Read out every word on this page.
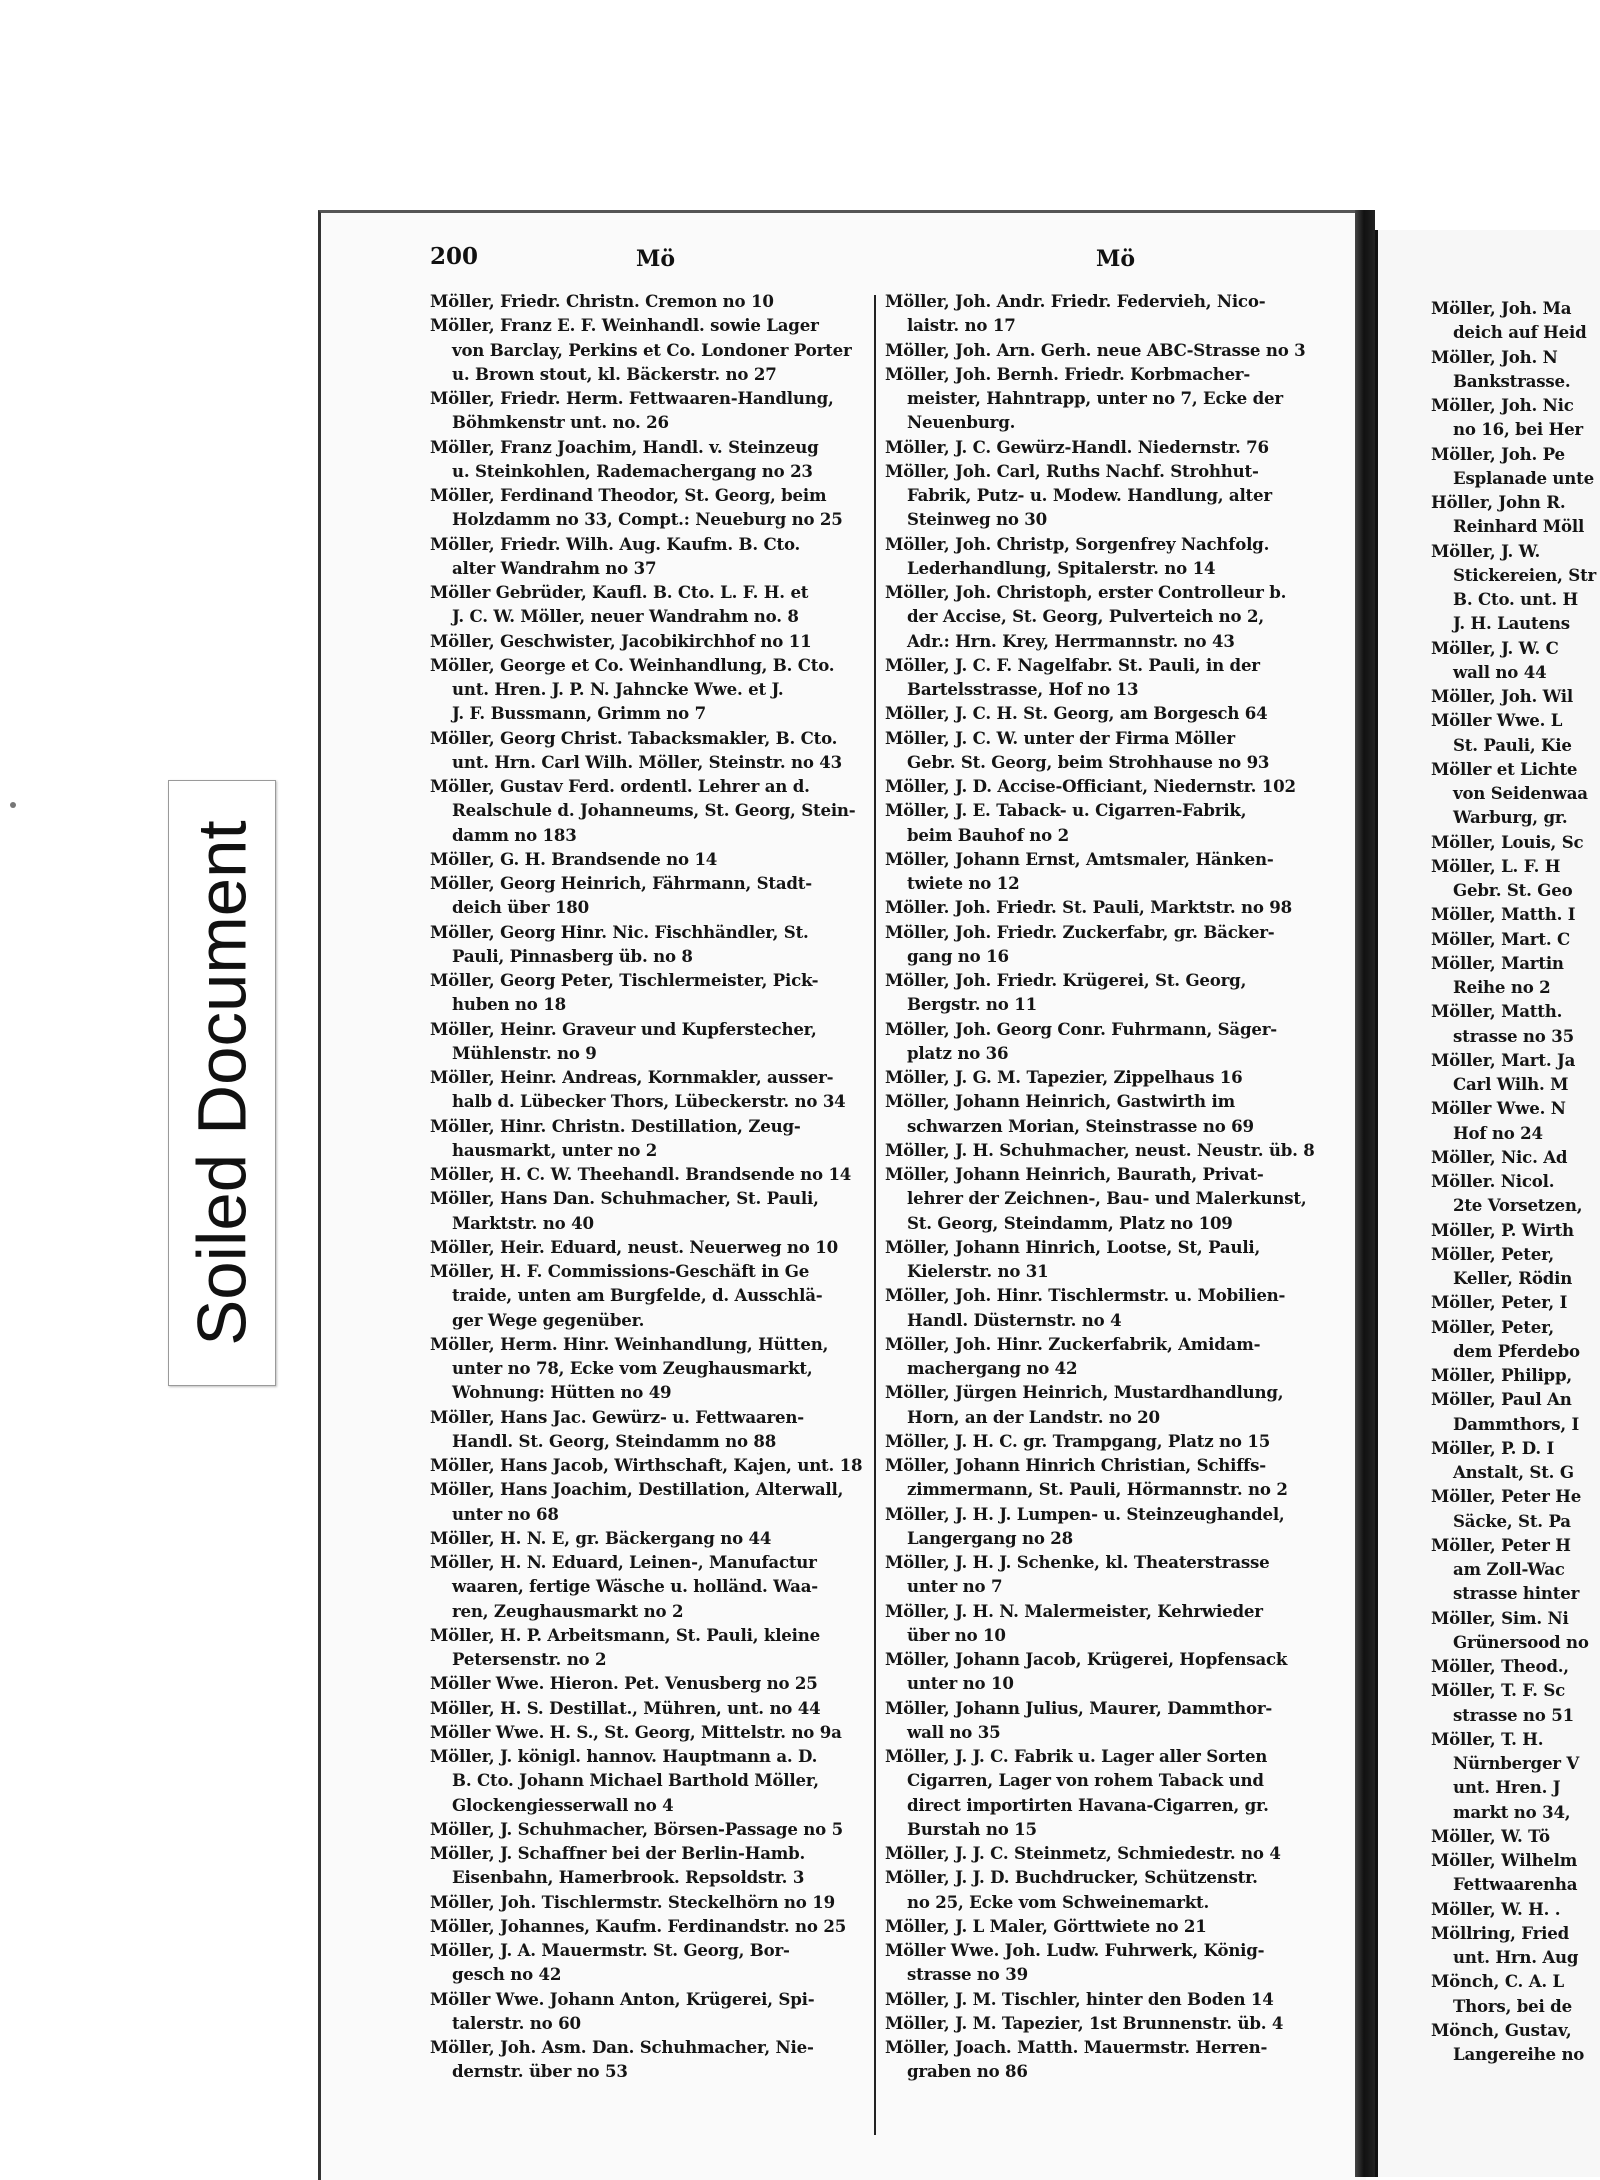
Soiled Document
200	Mö	Mö
Möller, Friedr. Christn. Cremon no 10
Möller, Franz E. F. Weinhandl. sowie Lager
von Barclay, Perkins et Co. Londoner Porter
u. Brown stout, kl. Bäckerstr. no 27
Möller, Friedr. Herm. Fettwaaren-Handlung,
Böhmkenstr unt. no. 26
Möller, Franz Joachim, Handl. v. Steinzeug
u. Steinkohlen, Rademachergang no 23
Möller, Ferdinand Theodor, St. Georg, beim
Holzdamm no 33, Compt.: Neueburg no 25
Möller, Friedr. Wilh. Aug. Kaufm. B. Cto.
alter Wandrahm no 37
Möller Gebrüder, Kaufl. B. Cto. L. F. H. et
J. C. W. Möller, neuer Wandrahm no. 8
Möller, Geschwister, Jacobikirchhof no 11
Möller, George et Co. Weinhandlung, B. Cto.
unt. Hren. J. P. N. Jahncke Wwe. et J.
J. F. Bussmann, Grimm no 7
Möller, Georg Christ. Tabacksmakler, B. Cto.
unt. Hrn. Carl Wilh. Möller, Steinstr. no 43
Möller, Gustav Ferd. ordentl. Lehrer an d.
Realschule d. Johanneums, St. Georg, Stein-
damm no 183
Möller, G. H. Brandsende no 14
Möller, Georg Heinrich, Fährmann, Stadt-
deich über 180
Möller, Georg Hinr. Nic. Fischhändler, St.
Pauli, Pinnasberg üb. no 8
Möller, Georg Peter, Tischlermeister, Pick-
huben no 18
Möller, Heinr. Graveur und Kupferstecher,
Mühlenstr. no 9
Möller, Heinr. Andreas, Kornmakler, ausser-
halb d. Lübecker Thors, Lübeckerstr. no 34
Möller, Hinr. Christn. Destillation, Zeug-
hausmarkt, unter no 2
Möller, H. C. W. Theehandl. Brandsende no 14
Möller, Hans Dan. Schuhmacher, St. Pauli,
Marktstr. no 40
Möller, Heir. Eduard, neust. Neuerweg no 10
Möller, H. F. Commissions-Geschäft in Ge
traide, unten am Burgfelde, d. Ausschlä-
ger Wege gegenüber.
Möller, Herm. Hinr. Weinhandlung, Hütten,
unter no 78, Ecke vom Zeughausmarkt,
Wohnung: Hütten no 49
Möller, Hans Jac. Gewürz- u. Fettwaaren-
Handl. St. Georg, Steindamm no 88
Möller, Hans Jacob, Wirthschaft, Kajen, unt. 18
Möller, Hans Joachim, Destillation, Alterwall,
unter no 68
Möller, H. N. E, gr. Bäckergang no 44
Möller, H. N. Eduard, Leinen-, Manufactur
waaren, fertige Wäsche u. holländ. Waa-
ren, Zeughausmarkt no 2
Möller, H. P. Arbeitsmann, St. Pauli, kleine
Petersenstr. no 2
Möller Wwe. Hieron. Pet. Venusberg no 25
Möller, H. S. Destillat., Mühren, unt. no 44
Möller Wwe. H. S., St. Georg, Mittelstr. no 9a
Möller, J. königl. hannov. Hauptmann a. D.
B. Cto. Johann Michael Barthold Möller,
Glockengiesserwall no 4
Möller, J. Schuhmacher, Börsen-Passage no 5
Möller, J. Schaffner bei der Berlin-Hamb.
Eisenbahn, Hamerbrook. Repsoldstr. 3
Möller, Joh. Tischlermstr. Steckelhörn no 19
Möller, Johannes, Kaufm. Ferdinandstr. no 25
Möller, J. A. Mauermstr. St. Georg, Bor-
gesch no 42
Möller Wwe. Johann Anton, Krügerei, Spi-
talerstr. no 60
Möller, Joh. Asm. Dan. Schuhmacher, Nie-
dernstr. über no 53
Möller, Joh. Andr. Friedr. Federvieh, Nico-
laistr. no 17
Möller, Joh. Arn. Gerh. neue ABC-Strasse no 3
Möller, Joh. Bernh. Friedr. Korbmacher-
meister, Hahntrapp, unter no 7, Ecke der
Neuenburg.
Möller, J. C. Gewürz-Handl. Niedernstr. 76
Möller, Joh. Carl, Ruths Nachf. Strohhut-
Fabrik, Putz- u. Modew. Handlung, alter
Steinweg no 30
Möller, Joh. Christp, Sorgenfrey Nachfolg.
Lederhandlung, Spitalerstr. no 14
Möller, Joh. Christoph, erster Controlleur b.
der Accise, St. Georg, Pulverteich no 2,
Adr.: Hrn. Krey, Herrmannstr. no 43
Möller, J. C. F. Nagelfabr. St. Pauli, in der
Bartelsstrasse, Hof no 13
Möller, J. C. H. St. Georg, am Borgesch 64
Möller, J. C. W. unter der Firma Möller
Gebr. St. Georg, beim Strohhause no 93
Möller, J. D. Accise-Officiant, Niedernstr. 102
Möller, J. E. Taback- u. Cigarren-Fabrik,
beim Bauhof no 2
Möller, Johann Ernst, Amtsmaler, Hänken-
twiete no 12
Möller. Joh. Friedr. St. Pauli, Marktstr. no 98
Möller, Joh. Friedr. Zuckerfabr, gr. Bäcker-
gang no 16
Möller, Joh. Friedr. Krügerei, St. Georg,
Bergstr. no 11
Möller, Joh. Georg Conr. Fuhrmann, Säger-
platz no 36
Möller, J. G. M. Tapezier, Zippelhaus 16
Möller, Johann Heinrich, Gastwirth im
schwarzen Morian, Steinstrasse no 69
Möller, J. H. Schuhmacher, neust. Neustr. üb. 8
Möller, Johann Heinrich, Baurath, Privat-
lehrer der Zeichnen-, Bau- und Malerkunst,
St. Georg, Steindamm, Platz no 109
Möller, Johann Hinrich, Lootse, St, Pauli,
Kielerstr. no 31
Möller, Joh. Hinr. Tischlermstr. u. Mobilien-
Handl. Düsternstr. no 4
Möller, Joh. Hinr. Zuckerfabrik, Amidam-
machergang no 42
Möller, Jürgen Heinrich, Mustardhandlung,
Horn, an der Landstr. no 20
Möller, J. H. C. gr. Trampgang, Platz no 15
Möller, Johann Hinrich Christian, Schiffs-
zimmermann, St. Pauli, Hörmannstr. no 2
Möller, J. H. J. Lumpen- u. Steinzeughandel,
Langergang no 28
Möller, J. H. J. Schenke, kl. Theaterstrasse
unter no 7
Möller, J. H. N. Malermeister, Kehrwieder
über no 10
Möller, Johann Jacob, Krügerei, Hopfensack
unter no 10
Möller, Johann Julius, Maurer, Dammthor-
wall no 35
Möller, J. J. C. Fabrik u. Lager aller Sorten
Cigarren, Lager von rohem Taback und
direct importirten Havana-Cigarren, gr.
Burstah no 15
Möller, J. J. C. Steinmetz, Schmiedestr. no 4
Möller, J. J. D. Buchdrucker, Schützenstr.
no 25, Ecke vom Schweinemarkt.
Möller, J. L Maler, Görttwiete no 21
Möller Wwe. Joh. Ludw. Fuhrwerk, König-
strasse no 39
Möller, J. M. Tischler, hinter den Boden 14
Möller, J. M. Tapezier, 1st Brunnenstr. üb. 4
Möller, Joach. Matth. Mauermstr. Herren-
graben no 86
Möller, Joh. Ma
deich auf Heid
Möller, Joh. N
Bankstrasse.
Möller, Joh. Nic
no 16, bei Her
Möller, Joh. Pe
Esplanade unte
Höller, John R.
Reinhard Möll
Möller, J. W.
Stickereien, Str
B. Cto. unt. H
J. H. Lautens
Möller, J. W. C
wall no 44
Möller, Joh. Wil
Möller Wwe. L
St. Pauli, Kie
Möller et Lichte
von Seidenwaa
Warburg, gr.
Möller, Louis, Sc
Möller, L. F. H
Gebr. St. Geo
Möller, Matth. I
Möller, Mart. C
Möller, Martin
Reihe no 2
Möller, Matth.
strasse no 35
Möller, Mart. Ja
Carl Wilh. M
Möller Wwe. N
Hof no 24
Möller, Nic. Ad
Möller. Nicol.
2te Vorsetzen,
Möller, P. Wirth
Möller, Peter,
Keller, Rödin
Möller, Peter, I
Möller, Peter,
dem Pferdebo
Möller, Philipp,
Möller, Paul An
Dammthors, I
Möller, P. D. I
Anstalt, St. G
Möller, Peter He
Säcke, St. Pa
Möller, Peter H
am Zoll-Wac
strasse hinter
Möller, Sim. Ni
Grünersood no
Möller, Theod.,
Möller, T. F. Sc
strasse no 51
Möller, T. H.
Nürnberger V
unt. Hren. J
markt no 34,
Möller, W. Tö
Möller, Wilhelm
Fettwaarenha
Möller, W. H. .
Möllring, Fried
unt. Hrn. Aug
Mönch, C. A. L
Thors, bei de
Mönch, Gustav,
Langereihe no
